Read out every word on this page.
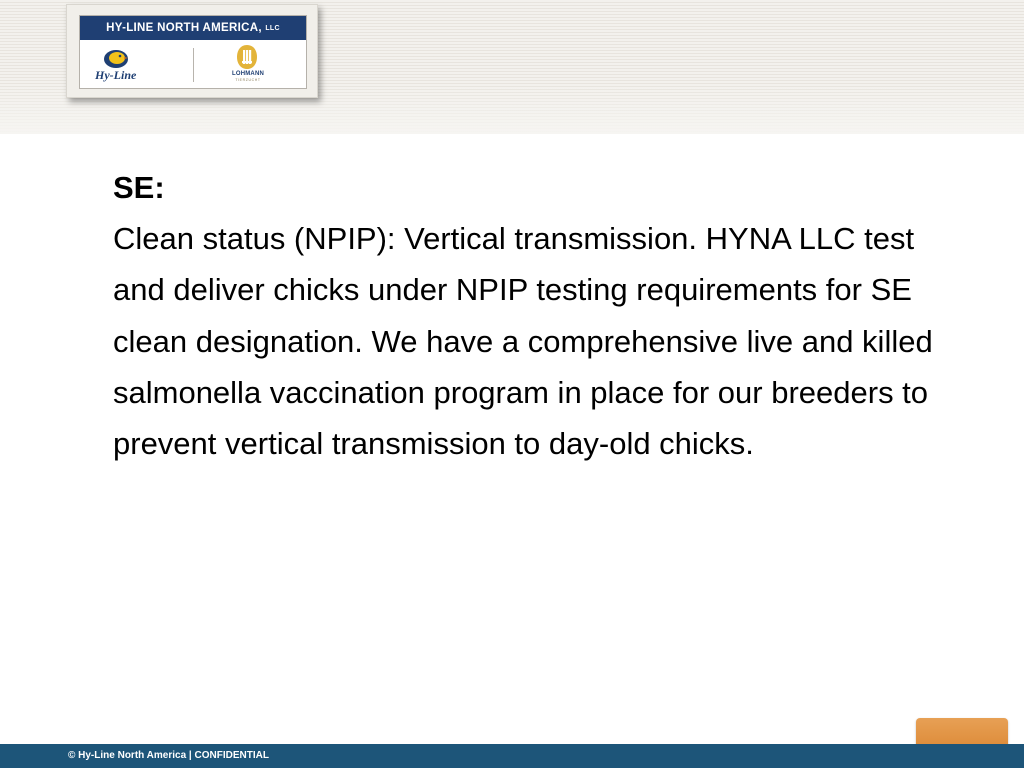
HY-LINE NORTH AMERICA, LLC
Hy-Line	LOHMANN
TIERZUCHT
SE:
Clean status (NPIP): Vertical transmission. HYNA LLC test and deliver chicks under NPIP testing requirements for SE clean designation. We have a comprehensive live and killed salmonella vaccination program in place for our breeders to prevent vertical transmission to day-old chicks.
© Hy-Line North America | CONFIDENTIAL
